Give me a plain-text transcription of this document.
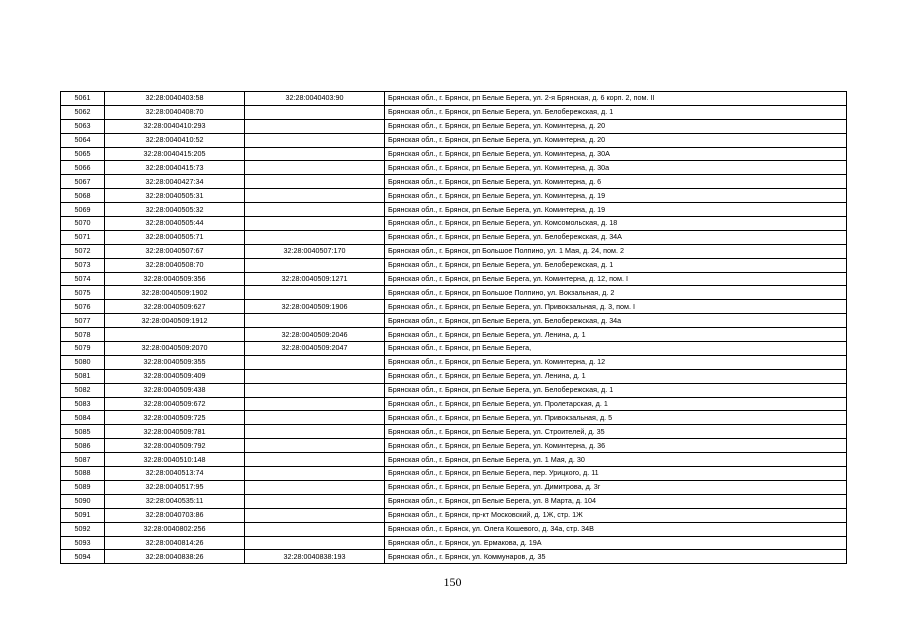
5061	32:28:0040403:58	32:28:0040403:90	Брянская обл., г. Брянск, рп Белые Берега, ул. 2-я Брянская, д. 6 корп. 2, пом. II
5062	32:28:0040408:70		Брянская обл., г. Брянск, рп Белые Берега, ул. Белобережская, д. 1
5063	32:28:0040410:293		Брянская обл., г. Брянск, рп Белые Берега, ул. Коминтерна, д. 20
5064	32:28:0040410:52		Брянская обл., г. Брянск, рп Белые Берега, ул. Коминтерна, д. 20
5065	32:28:0040415:205		Брянская обл., г. Брянск, рп Белые Берега, ул. Коминтерна, д. 30А
5066	32:28:0040415:73		Брянская обл., г. Брянск, рп Белые Берега, ул. Коминтерна, д. 30а
5067	32:28:0040427:34		Брянская обл., г. Брянск, рп Белые Берега, ул. Коминтерна, д. 6
5068	32:28:0040505:31		Брянская обл., г. Брянск, рп Белые Берега, ул. Коминтерна, д. 19
5069	32:28:0040505:32		Брянская обл., г. Брянск, рп Белые Берега, ул. Коминтерна, д. 19
5070	32:28:0040505:44		Брянская обл., г. Брянск, рп Белые Берега, ул. Комсомольская, д. 18
5071	32:28:0040505:71		Брянская обл., г. Брянск, рп Белые Берега, ул. Белобережская, д. 34А
5072	32:28:0040507:67	32:28:0040507:170	Брянская обл., г. Брянск, рп Большое Полпино, ул. 1 Мая, д. 24, пом. 2
5073	32:28:0040508:70		Брянская обл., г. Брянск, рп Белые Берега, ул. Белобережская, д. 1
5074	32:28:0040509:356	32:28:0040509:1271	Брянская обл., г. Брянск, рп Белые Берега, ул. Коминтерна, д. 12, пом. I
5075	32:28:0040509:1902		Брянская обл., г. Брянск, рп Большое Полпино, ул. Вокзальная, д. 2
5076	32:28:0040509:627	32:28:0040509:1906	Брянская обл., г. Брянск, рп Белые Берега, ул. Привокзальная, д. 3, пом. I
5077	32:28:0040509:1912		Брянская обл., г. Брянск, рп Белые Берега, ул. Белобережская, д. 34а
5078		32:28:0040509:2046	Брянская обл., г. Брянск, рп Белые Берега, ул. Ленина, д. 1
5079	32:28:0040509:2070	32:28:0040509:2047	Брянская обл., г. Брянск, рп Белые Берега,
5080	32:28:0040509:355		Брянская обл., г. Брянск, рп Белые Берега, ул. Коминтерна, д. 12
5081	32:28:0040509:409		Брянская обл., г. Брянск, рп Белые Берега, ул. Ленина, д. 1
5082	32:28:0040509:438		Брянская обл., г. Брянск, рп Белые Берега, ул. Белобережская, д. 1
5083	32:28:0040509:672		Брянская обл., г. Брянск, рп Белые Берега, ул. Пролетарская, д. 1
5084	32:28:0040509:725		Брянская обл., г. Брянск, рп Белые Берега, ул. Привокзальная, д. 5
5085	32:28:0040509:781		Брянская обл., г. Брянск, рп Белые Берега, ул. Строителей, д. 35
5086	32:28:0040509:792		Брянская обл., г. Брянск, рп Белые Берега, ул. Коминтерна, д. 36
5087	32:28:0040510:148		Брянская обл., г. Брянск, рп Белые Берега, ул. 1 Мая, д. 30
5088	32:28:0040513:74		Брянская обл., г. Брянск, рп Белые Берега, пер. Урицкого, д. 11
5089	32:28:0040517:95		Брянская обл., г. Брянск, рп Белые Берега, ул. Димитрова, д. 3г
5090	32:28:0040535:11		Брянская обл., г. Брянск, рп Белые Берега, ул. 8 Марта, д. 104
5091	32:28:0040703:86		Брянская обл., г. Брянск, пр-кт Московский, д. 1Ж, стр. 1Ж
5092	32:28:0040802:256		Брянская обл., г. Брянск, ул. Олега Кошевого, д. 34а, стр. 34В
5093	32:28:0040814:26		Брянская обл., г. Брянск, ул. Ермакова, д. 19А
5094	32:28:0040838:26	32:28:0040838:193	Брянская обл., г. Брянск, ул. Коммунаров, д. 35
150
